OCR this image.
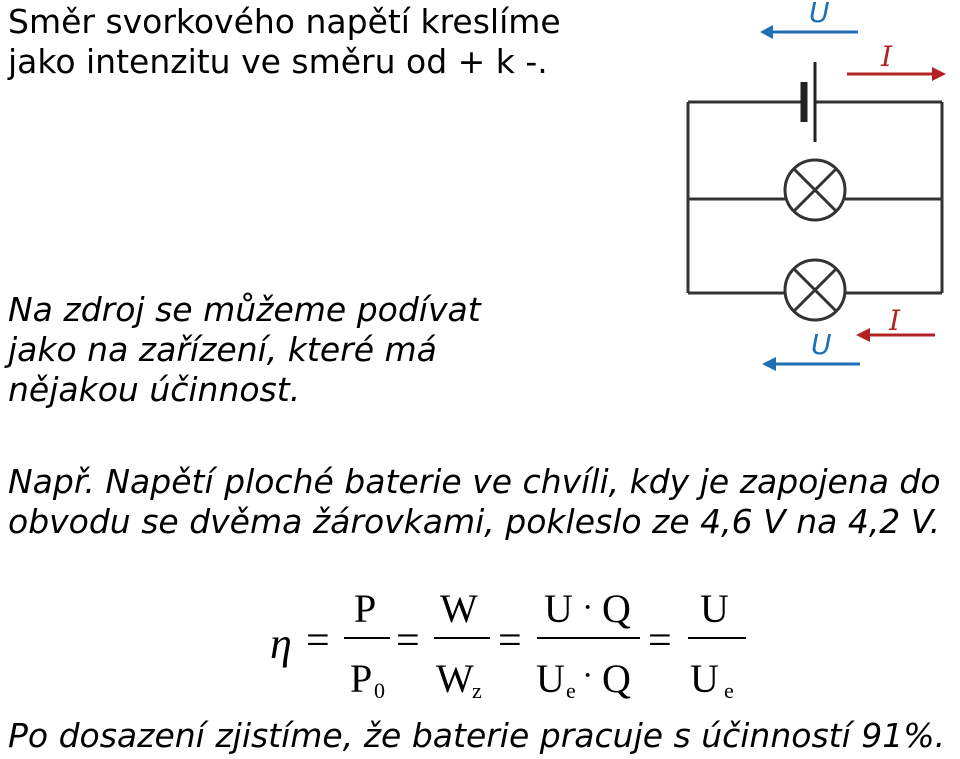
Směr svorkového napětí kreslíme
jako intenzitu ve směru od + k -.

Na zdroj se můžeme podívat
jako na zařízení, které má
nějakou účinnost.

U
I
U
I

Např. Napětí ploché baterie ve chvíli, kdy je zapojena do
obvodu se dvěma žárovkami, pokleslo ze 4,6 V na 4,2 V.

η =
P
P 0
=
W
W
z
=
U · Q
U e · Q
=
U
U e

Po dosazení zjistíme, že baterie pracuje s účinností 91%.
